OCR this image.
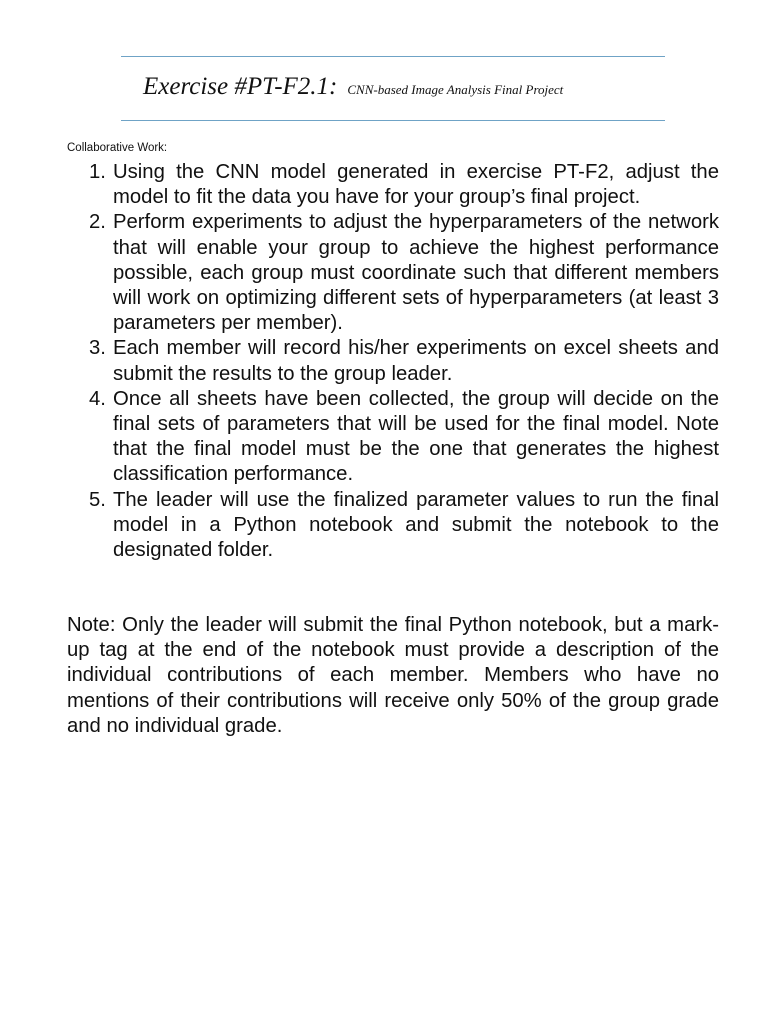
Exercise #PT-F2.1: CNN-based Image Analysis Final Project
Collaborative Work:
1. Using the CNN model generated in exercise PT-F2, adjust the model to fit the data you have for your group’s final project.
2. Perform experiments to adjust the hyperparameters of the network that will enable your group to achieve the highest performance possible, each group must coordinate such that different members will work on optimizing different sets of hyperparameters (at least 3 parameters per member).
3. Each member will record his/her experiments on excel sheets and submit the results to the group leader.
4. Once all sheets have been collected, the group will decide on the final sets of parameters that will be used for the final model. Note that the final model must be the one that generates the highest classification performance.
5. The leader will use the finalized parameter values to run the final model in a Python notebook and submit the notebook to the designated folder.

Note: Only the leader will submit the final Python notebook, but a mark-up tag at the end of the notebook must provide a description of the individual contributions of each member. Members who have no mentions of their contributions will receive only 50% of the group grade and no individual grade.
